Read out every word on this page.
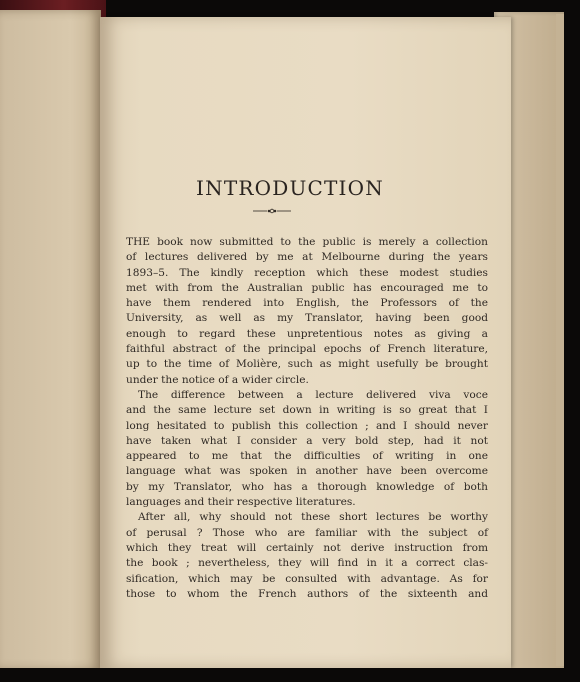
INTRODUCTION
THE book now submitted to the public is merely a collection
of lectures delivered by me at Melbourne during the years
1893–5. The kindly reception which these modest studies
met with from the Australian public has encouraged me to
have them rendered into English, the Professors of the
University, as well as my Translator, having been good
enough to regard these unpretentious notes as giving a
faithful abstract of the principal epochs of French literature,
up to the time of Molière, such as might usefully be brought
under the notice of a wider circle.
The difference between a lecture delivered viva voce
and the same lecture set down in writing is so great that I
long hesitated to publish this collection ; and I should never
have taken what I consider a very bold step, had it not
appeared to me that the difficulties of writing in one
language what was spoken in another have been overcome
by my Translator, who has a thorough knowledge of both
languages and their respective literatures.
After all, why should not these short lectures be worthy
of perusal ? Those who are familiar with the subject of
which they treat will certainly not derive instruction from
the book ; nevertheless, they will find in it a correct clas-
sification, which may be consulted with advantage. As for
those to whom the French authors of the sixteenth and
